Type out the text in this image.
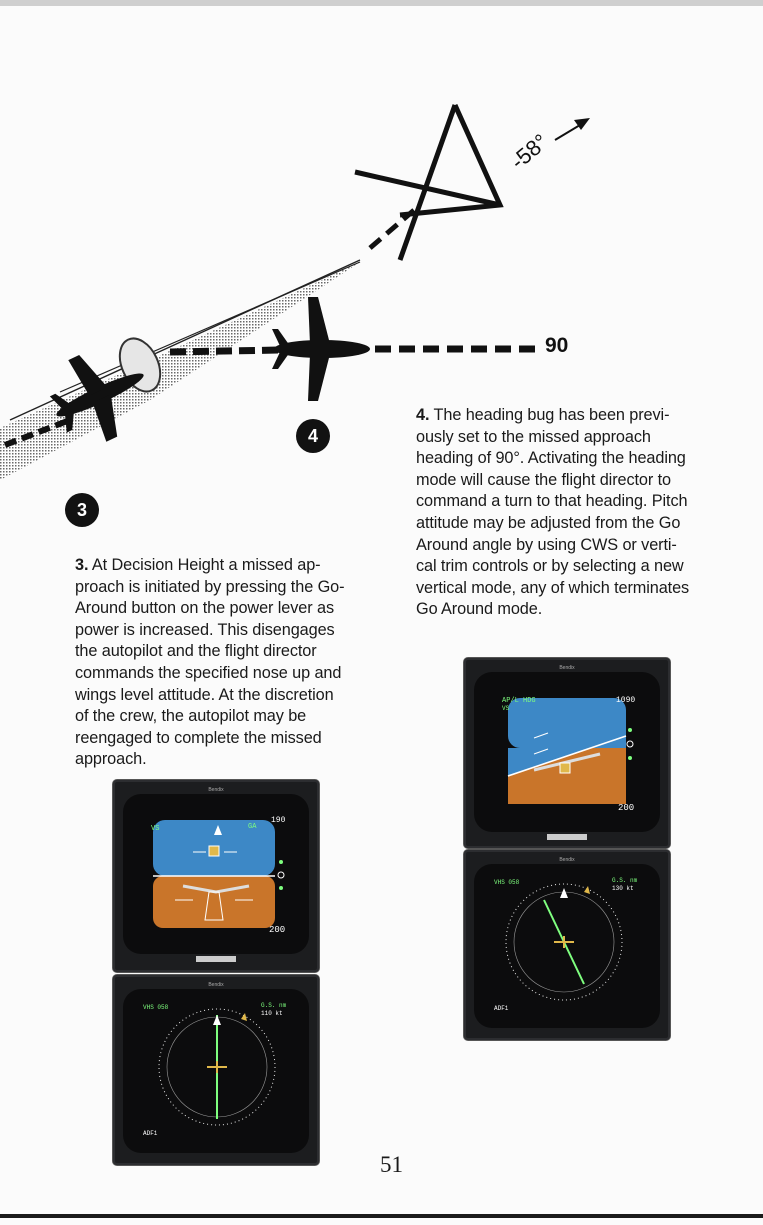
-58°
90
4
3
4. The heading bug has been previ-
ously set to the missed approach
heading of 90°. Activating the heading
mode will cause the flight director to
command a turn to that heading. Pitch
attitude may be adjusted from the Go
Around angle by using CWS or verti-
cal trim controls or by selecting a new
vertical mode, any of which terminates
Go Around mode.
3. At Decision Height a missed ap-
proach is initiated by pressing the Go-
Around button on the power lever as
power is increased. This disengages
the autopilot and the flight director
commands the specified nose up and
wings level attitude. At the discretion
of the crew, the autopilot may be
reengaged to complete the missed
approach.
Bendix
VS	GA
190
200
Bendix
VHS 058	G.S. nm
110 kt
ADF1
Bendix
AP/L HDG
VS
1090
200
Bendix
VHS 058	G.S. nm
130 kt
ADF1
51
